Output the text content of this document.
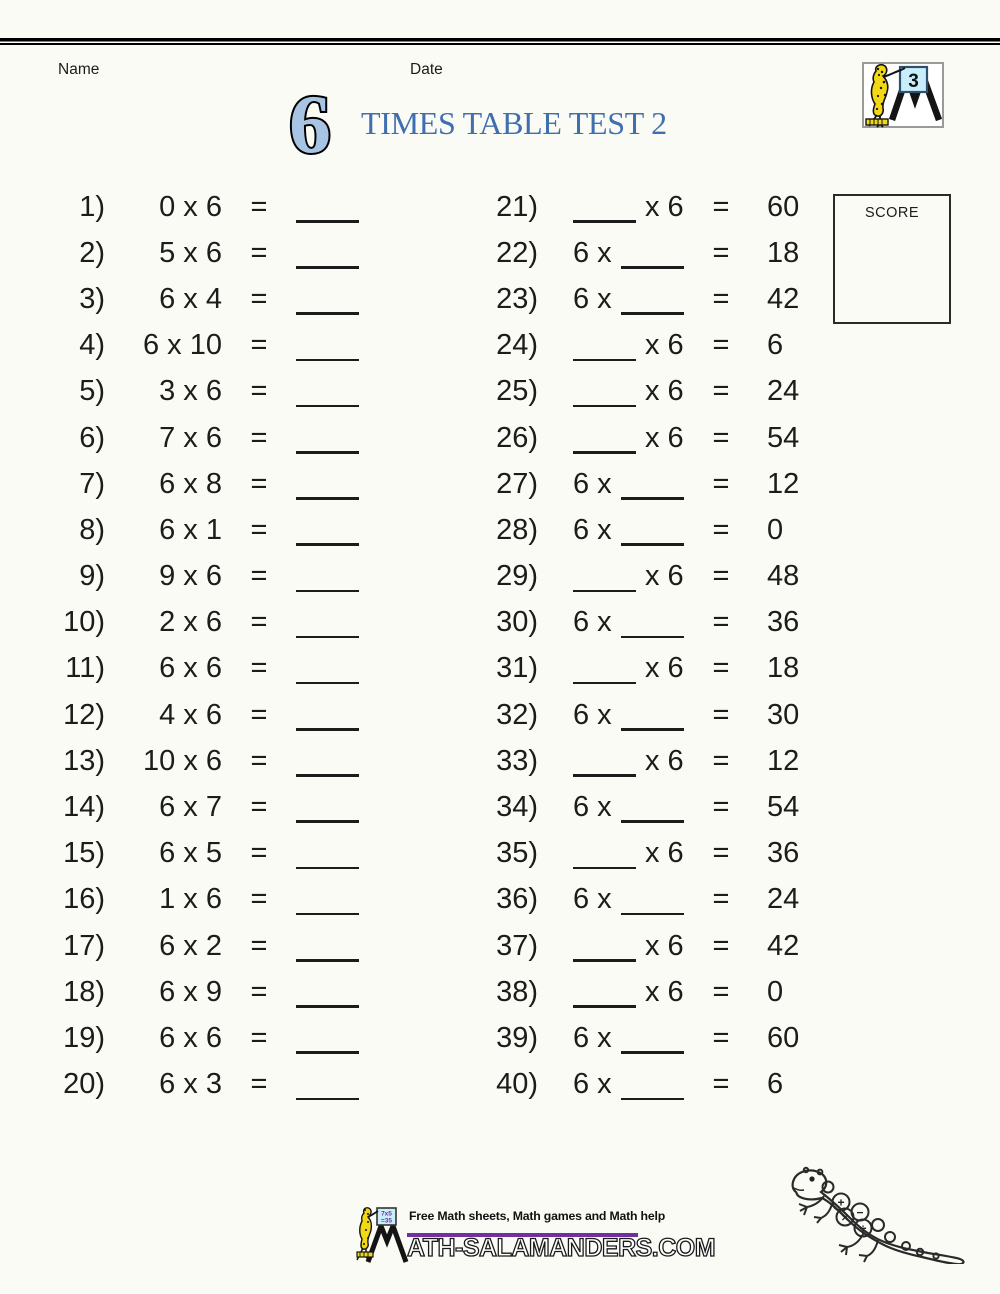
Name	Date
3
6 TIMES TABLE TEST 2
SCORE
1)	0 x 6 =
2)	5 x 6 =
3)	6 x 4 =
4)	6 x 10 =
5)	3 x 6 =
6)	7 x 6 =
7)	6 x 8 =
8)	6 x 1 =
9)	9 x 6 =
10)	2 x 6 =
11)	6 x 6 =
12)	4 x 6 =
13)	10 x 6 =
14)	6 x 7 =
15)	6 x 5 =
16)	1 x 6 =
17)	6 x 2 =
18)	6 x 9 =
19)	6 x 6 =
20)	6 x 3 =
21)	x 6 =	60
22) 6 x	=	18
23) 6 x	=	42
24)	x 6 =	6
25)	x 6 =	24
26)	x 6 =	54
27) 6 x	=	12
28) 6 x	=	0
29)	x 6 =	48
30) 6 x	=	36
31)	x 6 =	18
32) 6 x	=	30
33)	x 6 =	12
34) 6 x	=	54
35)	x 6 =	36
36) 6 x	=	24
37)	x 6 =	42
38)	x 6 =	0
39) 6 x	=	60
40) 6 x	=	6
7x5
=35 Free Math sheets, Math games and Math help
ATH-SALAMANDERS.COM
+
−
×
÷
